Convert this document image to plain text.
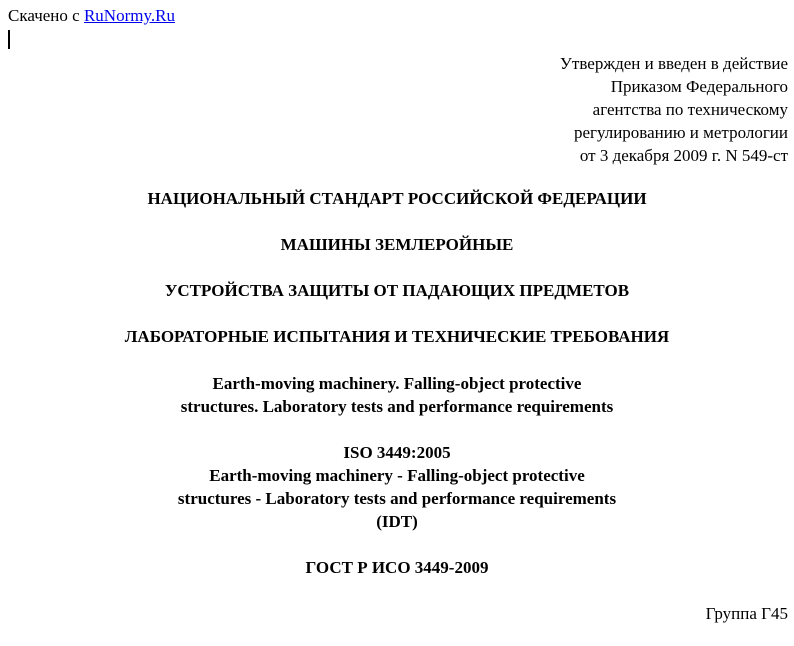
Скачено с RuNormy.Ru
Утвержден и введен в действие
Приказом Федерального
агентства по техническому
регулированию и метрологии
от 3 декабря 2009 г. N 549-ст
НАЦИОНАЛЬНЫЙ СТАНДАРТ РОССИЙСКОЙ ФЕДЕРАЦИИ
МАШИНЫ ЗЕМЛЕРОЙНЫЕ
УСТРОЙСТВА ЗАЩИТЫ ОТ ПАДАЮЩИХ ПРЕДМЕТОВ
ЛАБОРАТОРНЫЕ ИСПЫТАНИЯ И ТЕХНИЧЕСКИЕ ТРЕБОВАНИЯ
Earth-moving machinery. Falling-object protective
structures. Laboratory tests and performance requirements
ISO 3449:2005
Earth-moving machinery - Falling-object protective
structures - Laboratory tests and performance requirements
(IDT)
ГОСТ Р ИСО 3449-2009
Группа Г45
